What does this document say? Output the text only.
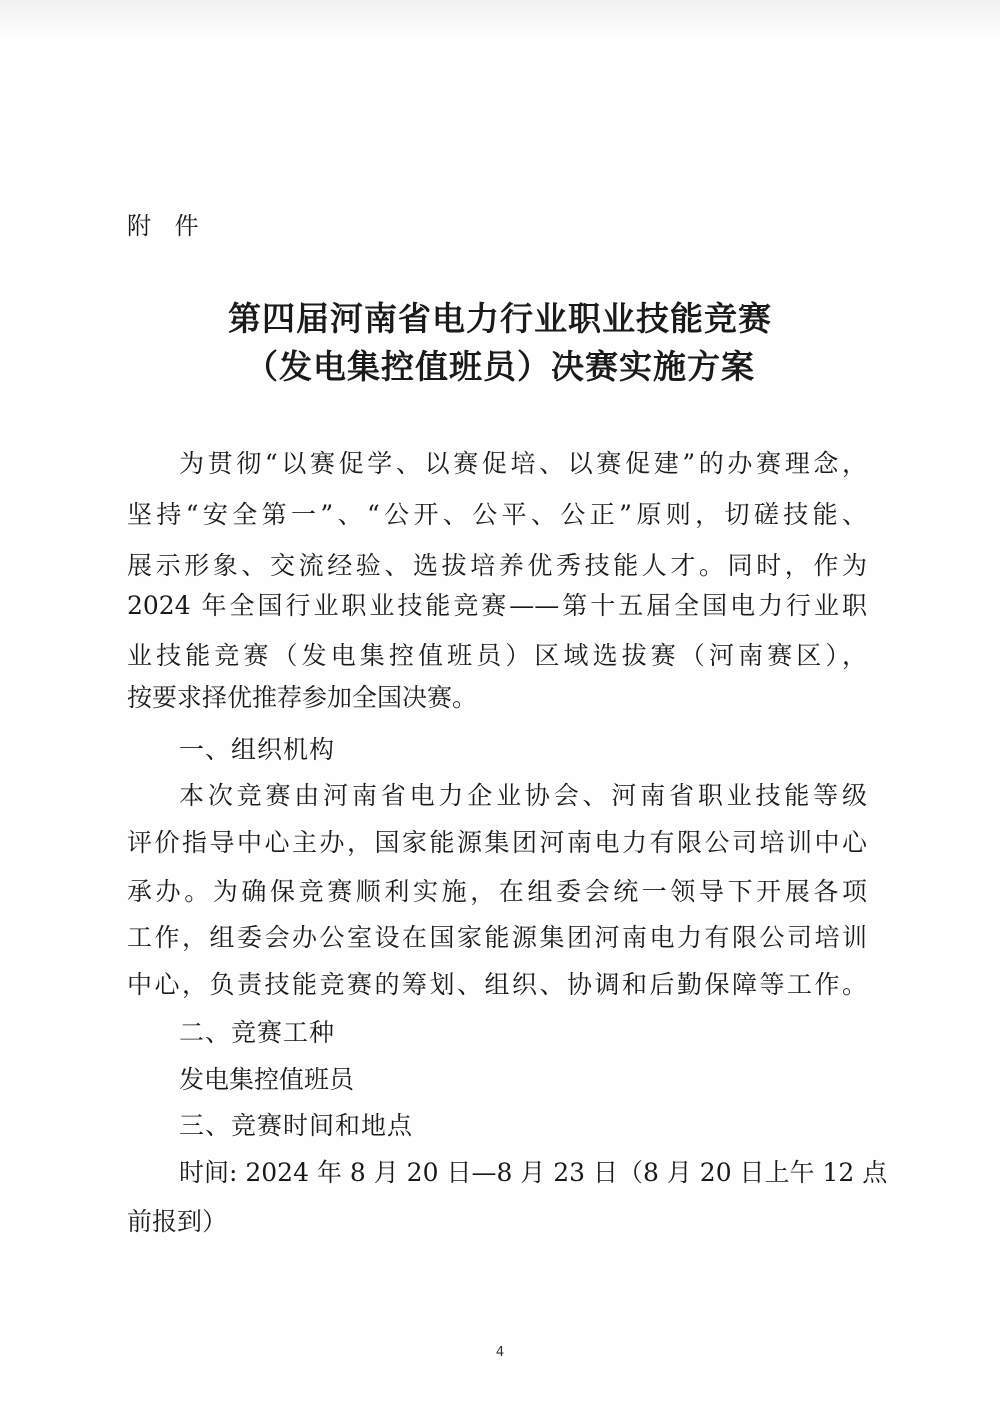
附 件
第四届河南省电力行业职业技能竞赛
（发电集控值班员）决赛实施方案
为贯彻“以赛促学、以赛促培、以赛促建”的办赛理念，
坚持“安全第一”、“公开、公平、公正”原则，切磋技能、
展示形象、交流经验、选拔培养优秀技能人才。同时，作为
2024 年全国行业职业技能竞赛——第十五届全国电力行业职
业技能竞赛（发电集控值班员）区域选拔赛（河南赛区），
按要求择优推荐参加全国决赛。
一、组织机构
本次竞赛由河南省电力企业协会、河南省职业技能等级
评价指导中心主办，国家能源集团河南电力有限公司培训中心
承办。为确保竞赛顺利实施，在组委会统一领导下开展各项
工作，组委会办公室设在国家能源集团河南电力有限公司培训
中心，负责技能竞赛的筹划、组织、协调和后勤保障等工作。
二、竞赛工种
发电集控值班员
三、竞赛时间和地点
时间: 2024 年 8 月 20 日—8 月 23 日（8 月 20 日上午 12 点
前报到）
4
